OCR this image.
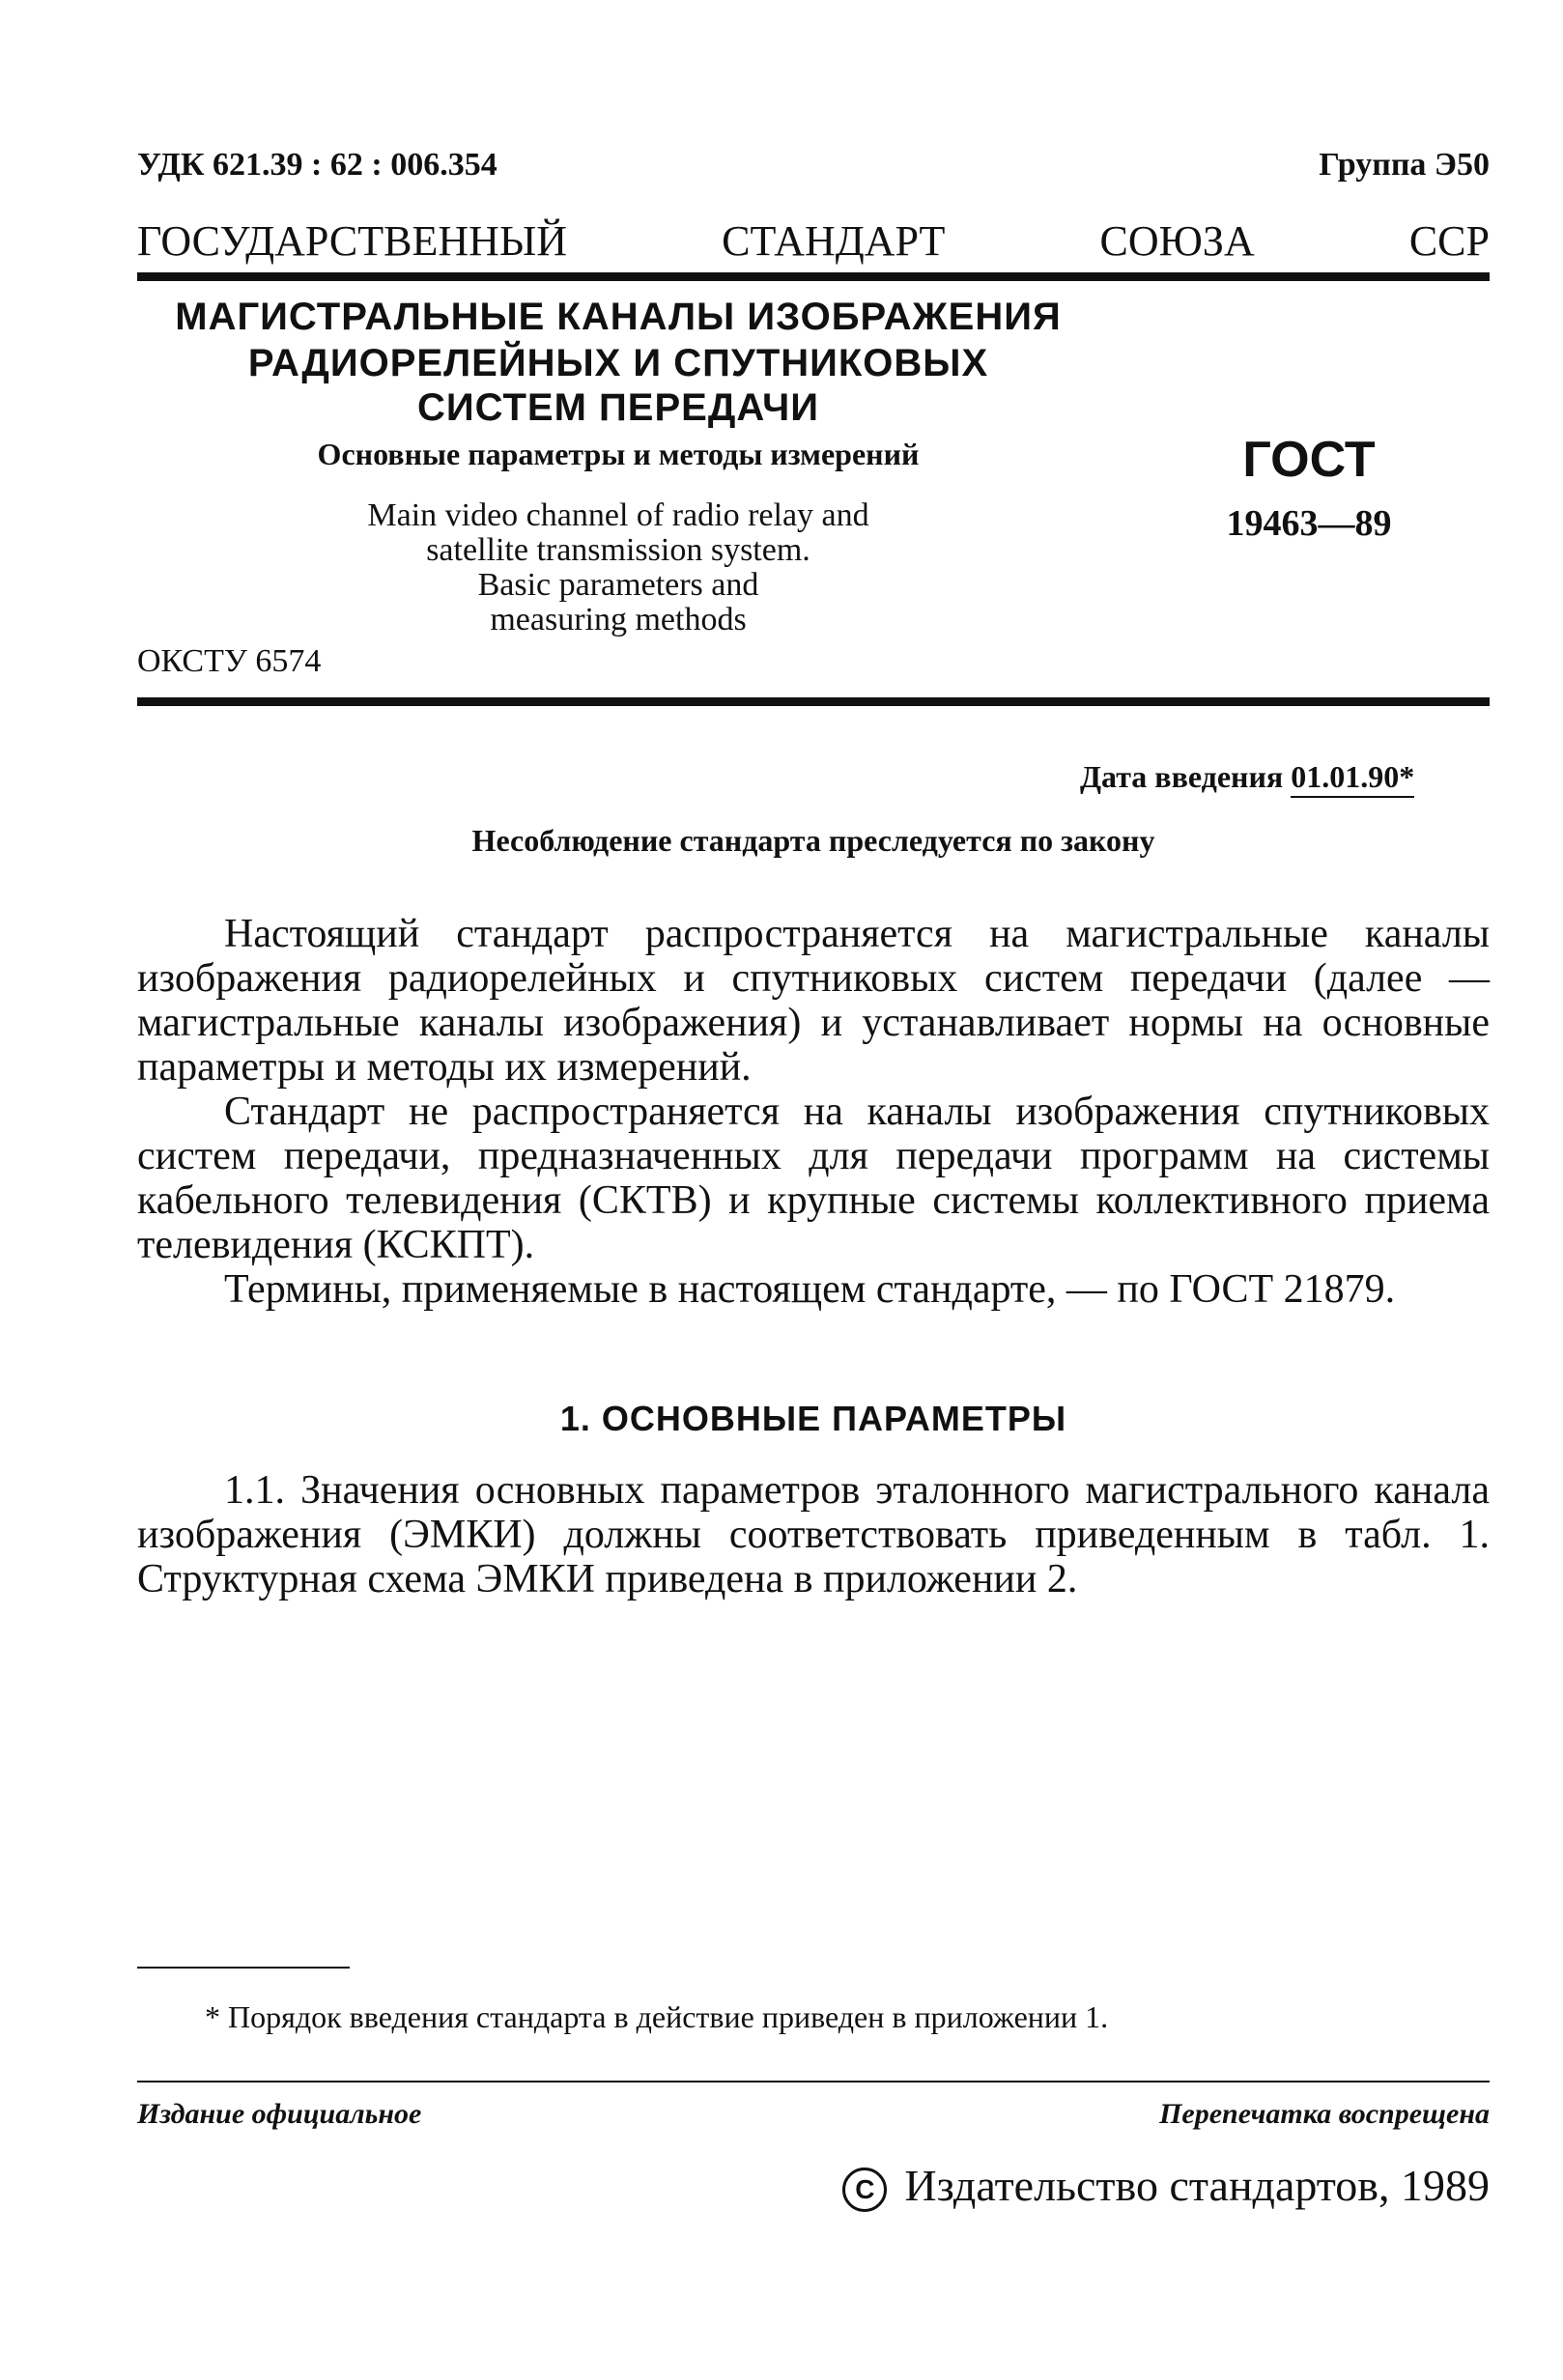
УДК 621.39 : 62 : 006.354	Группа Э50
ГОСУДАРСТВЕННЫЙ СТАНДАРТ СОЮЗА ССР
МАГИСТРАЛЬНЫЕ КАНАЛЫ ИЗОБРАЖЕНИЯ
РАДИОРЕЛЕЙНЫХ И СПУТНИКОВЫХ
СИСТЕМ ПЕРЕДАЧИ
Основные параметры и методы измерений
Main video channel of radio relay and
satellite transmission system.
Basic parameters and
measuring methods
ГОСТ
19463—89
ОКСТУ 6574
Дата введения 01.01.90*
Несоблюдение стандарта преследуется по закону

Настоящий стандарт распространяется на магистральные каналы изображения радиорелейных и спутниковых систем передачи (далее — магистральные каналы изображения) и устанавливает нормы на основные параметры и методы их измерений.

Стандарт не распространяется на каналы изображения спутниковых систем передачи, предназначенных для передачи программ на системы кабельного телевидения (СКТВ) и крупные системы коллективного приема телевидения (КСКПТ).

Термины, применяемые в настоящем стандарте, — по ГОСТ 21879.

1. ОСНОВНЫЕ ПАРАМЕТРЫ

1.1. Значения основных параметров эталонного магистрального канала изображения (ЭМКИ) должны соответствовать приведенным в табл. 1. Структурная схема ЭМКИ приведена в приложении 2.

* Порядок введения стандарта в действие приведен в приложении 1.
Издание официальное	Перепечатка воспрещена
C Издательство стандартов, 1989
